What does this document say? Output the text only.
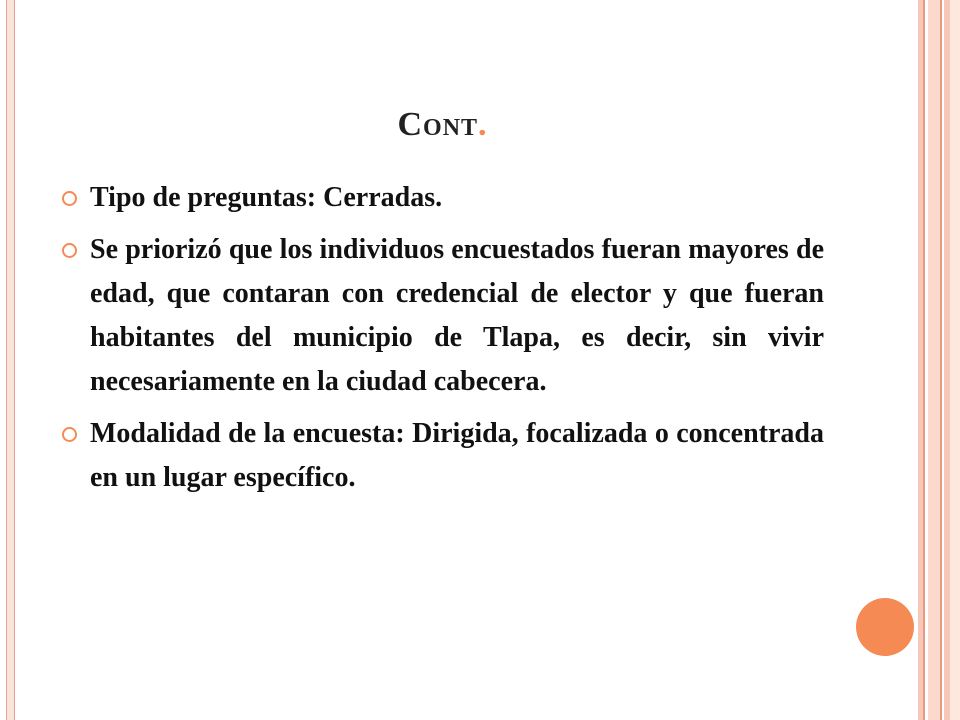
Cont.
Tipo de preguntas: Cerradas.
Se priorizó que los individuos encuestados fueran mayores de edad, que contaran con credencial de elector y que fueran habitantes del municipio de Tlapa, es decir, sin vivir necesariamente en la ciudad cabecera.
Modalidad de la encuesta: Dirigida, focalizada o concentrada en un lugar específico.
